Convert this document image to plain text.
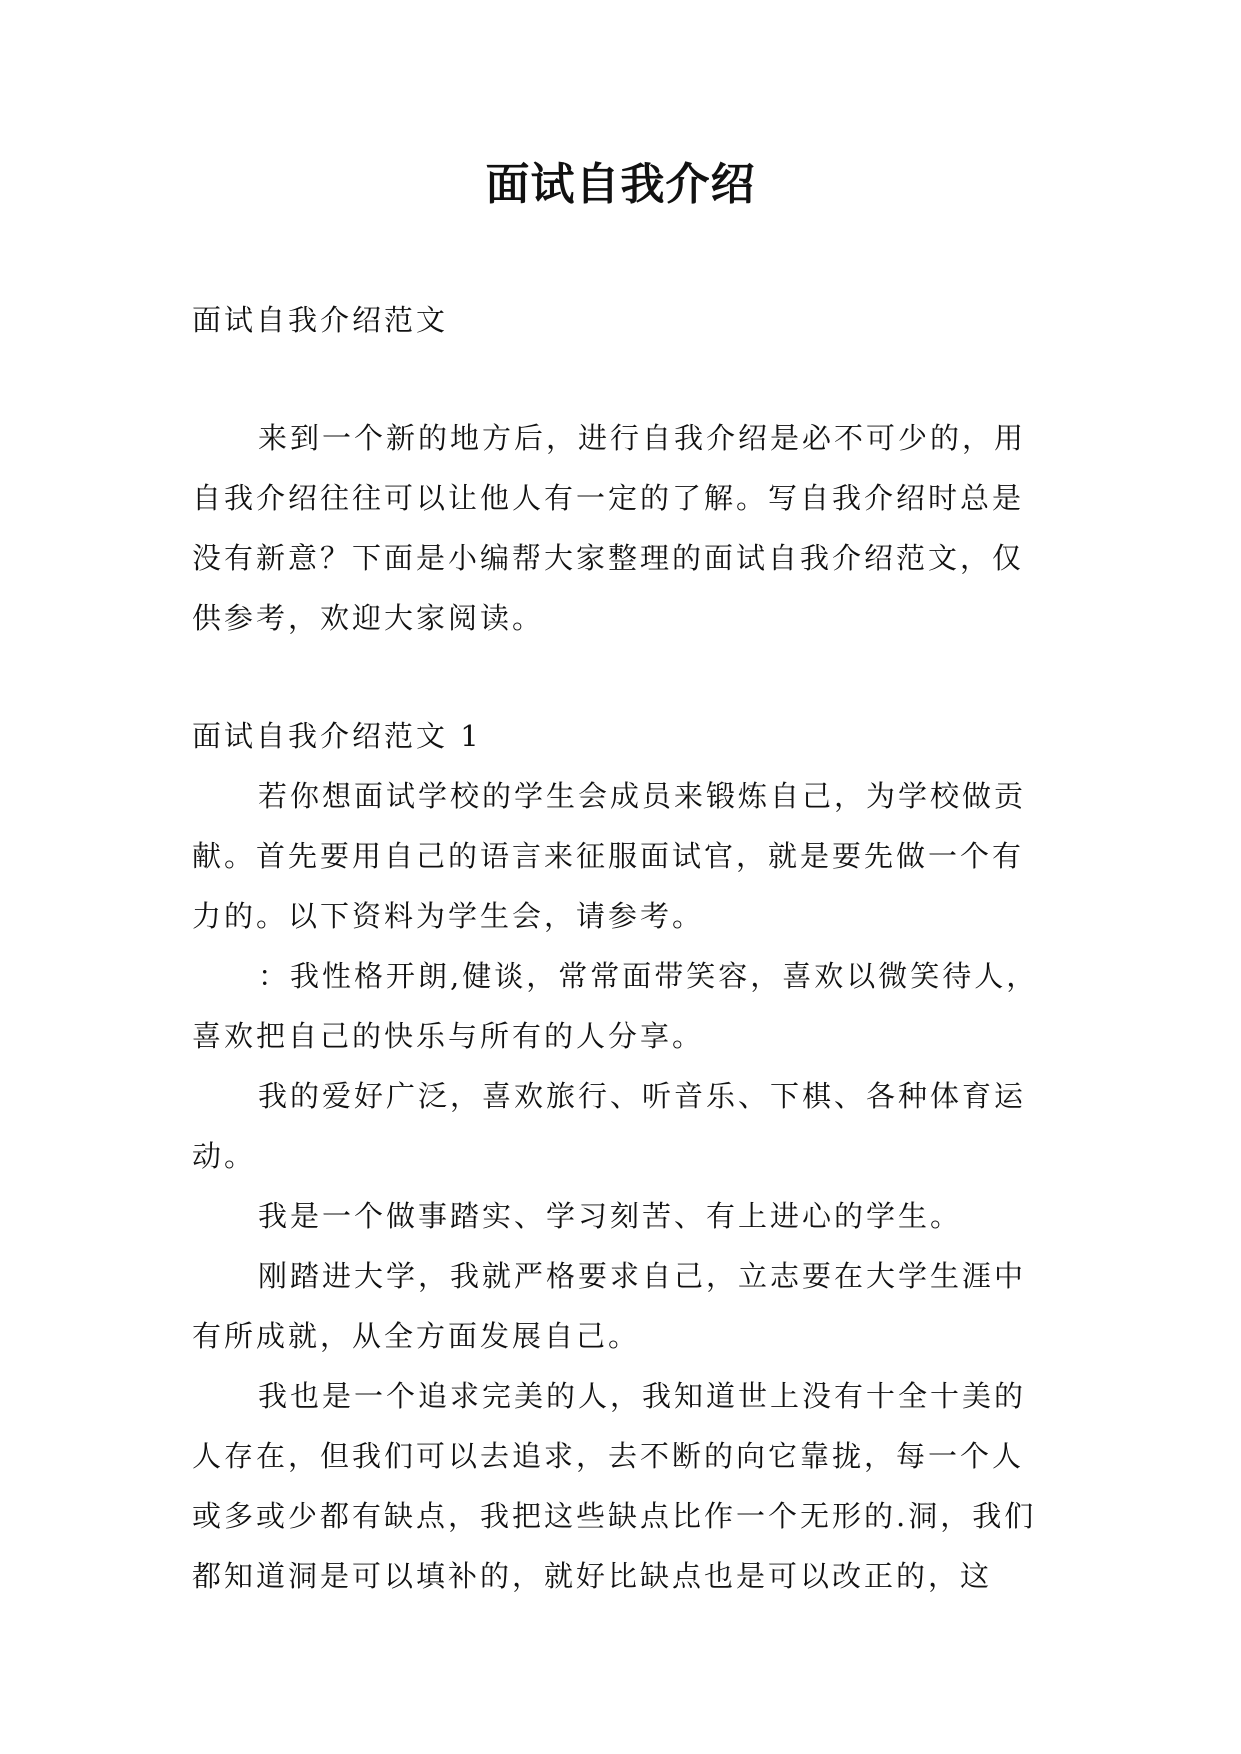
面试自我介绍

面试自我介绍范文

来到一个新的地方后，进行自我介绍是必不可少的，用自我介绍往往可以让他人有一定的了解。写自我介绍时总是没有新意？下面是小编帮大家整理的面试自我介绍范文，仅供参考，欢迎大家阅读。

面试自我介绍范文 1

若你想面试学校的学生会成员来锻炼自己，为学校做贡献。首先要用自己的语言来征服面试官，就是要先做一个有力的。以下资料为学生会，请参考。

：我性格开朗,健谈，常常面带笑容，喜欢以微笑待人，喜欢把自己的快乐与所有的人分享。

我的爱好广泛，喜欢旅行、听音乐、下棋、各种体育运动。

我是一个做事踏实、学习刻苦、有上进心的学生。

刚踏进大学，我就严格要求自己，立志要在大学生涯中有所成就，从全方面发展自己。

我也是一个追求完美的人，我知道世上没有十全十美的人存在，但我们可以去追求，去不断的向它靠拢，每一个人或多或少都有缺点，我把这些缺点比作一个无形的.洞，我们都知道洞是可以填补的，就好比缺点也是可以改正的，这
